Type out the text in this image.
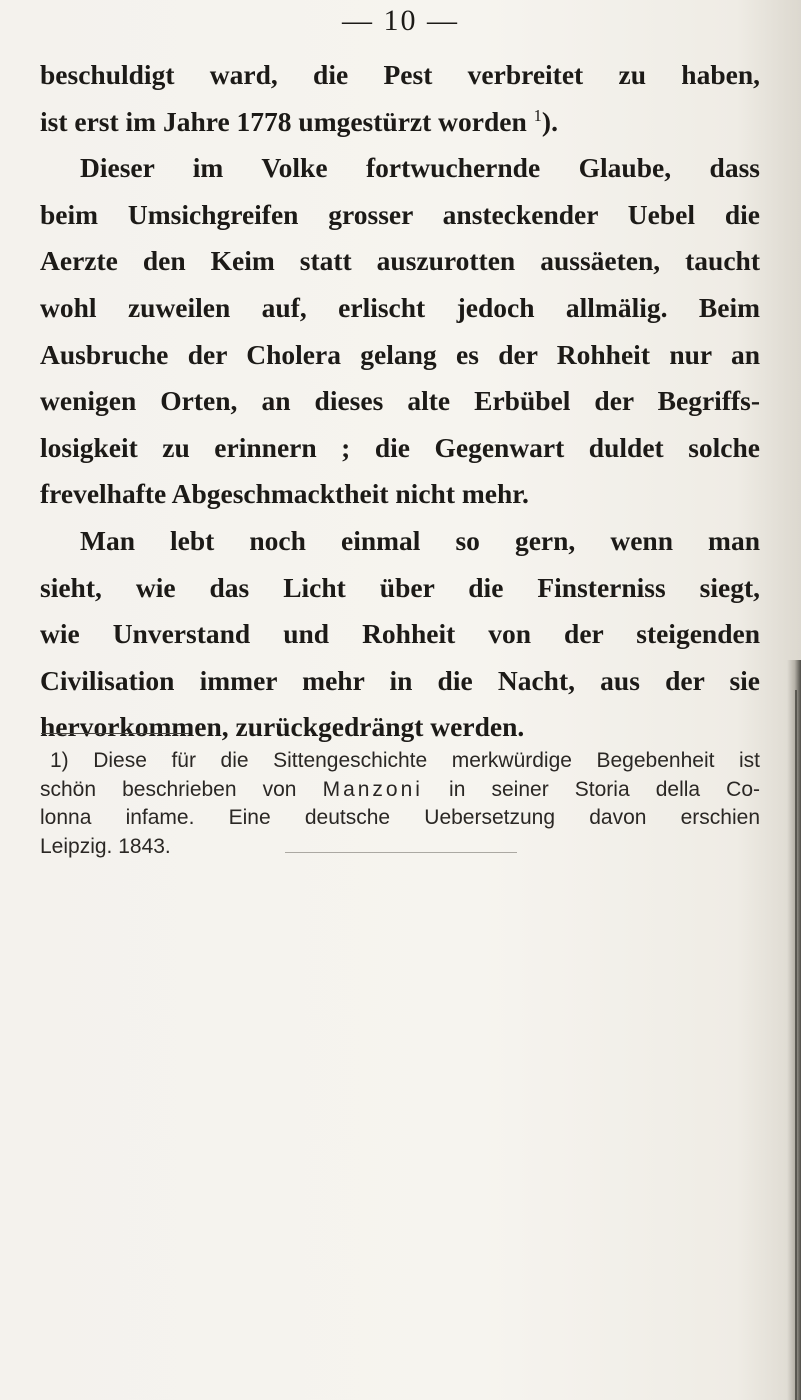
— 10 —
beschuldigt ward, die Pest verbreitet zu haben,
ist erst im Jahre 1778 umgestürzt worden $^1$).
Dieser im Volke fortwuchernde Glaube, dass
beim Umsichgreifen grosser ansteckender Uebel die
Aerzte den Keim statt auszurotten aussäeten, taucht
wohl zuweilen auf, erlischt jedoch allmälig. Beim
Ausbruche der Cholera gelang es der Rohheit nur an
wenigen Orten, an dieses alte Erbübel der Begriffs-
losigkeit zu erinnern ; die Gegenwart duldet solche
frevelhafte Abgeschmacktheit nicht mehr.
Man lebt noch einmal so gern, wenn man
sieht, wie das Licht über die Finsterniss siegt,
wie Unverstand und Rohheit von der steigenden
Civilisation immer mehr in die Nacht, aus der sie
hervorkommen, zurückgedrängt werden.
1) Diese für die Sittengeschichte merkwürdige Begebenheit ist
schön beschrieben von Manzoni in seiner Storia della Co-
lonna infame. Eine deutsche Uebersetzung davon erschien
Leipzig. 1843.
